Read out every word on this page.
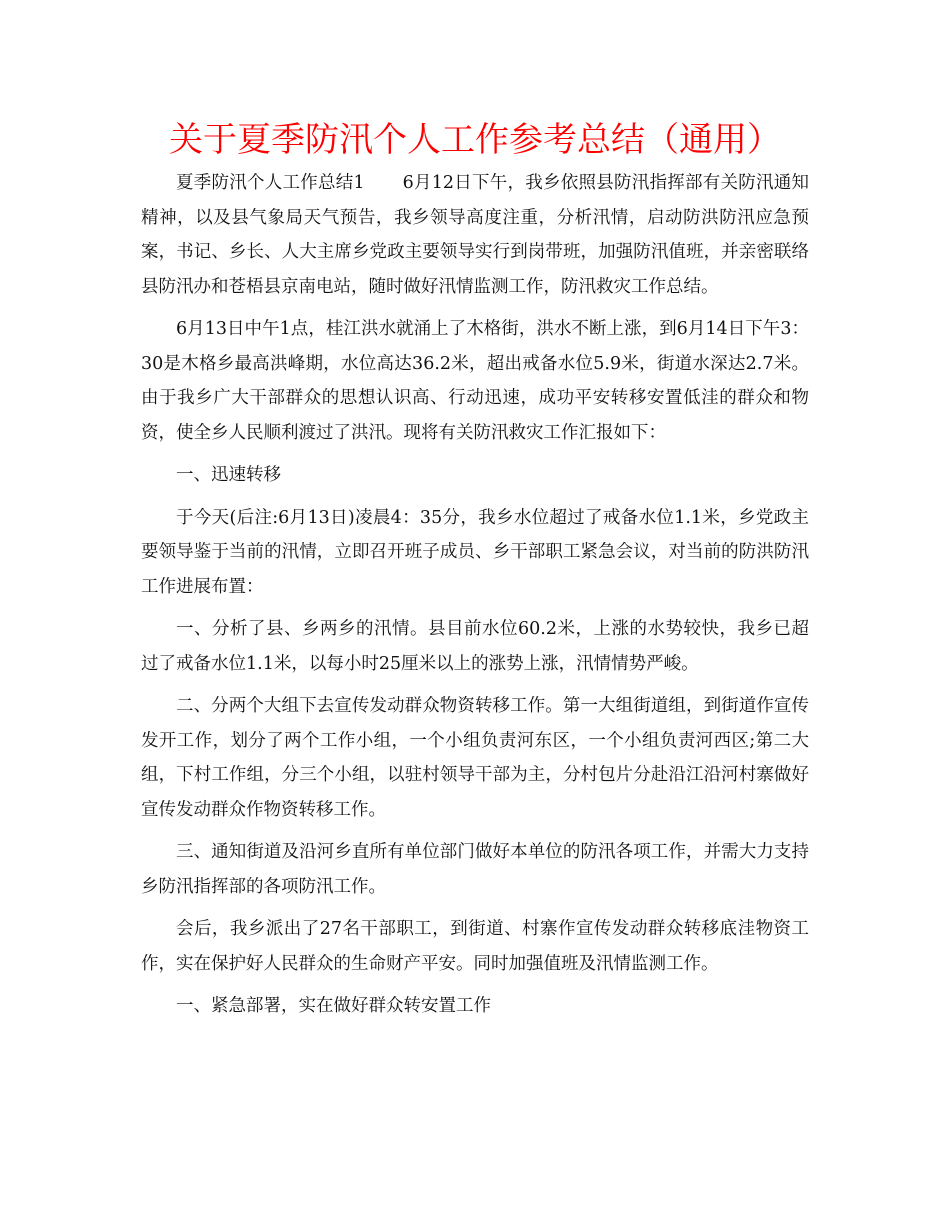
关于夏季防汛个人工作参考总结（通用）

夏季防汛个人工作总结1 6月12日下午，我乡依照县防汛指挥部有关防汛通知精神，以及县气象局天气预告，我乡领导高度注重，分析汛情，启动防洪防汛应急预案，书记、乡长、人大主席乡党政主要领导实行到岗带班，加强防汛值班，并亲密联络县防汛办和苍梧县京南电站，随时做好汛情监测工作，防汛救灾工作总结。

6月13日中午1点，桂江洪水就涌上了木格街，洪水不断上涨，到6月14日下午3：30是木格乡最高洪峰期，水位高达36.2米，超出戒备水位5.9米，街道水深达2.7米。由于我乡广大干部群众的思想认识高、行动迅速，成功平安转移安置低洼的群众和物资，使全乡人民顺利渡过了洪汛。现将有关防汛救灾工作汇报如下：

一、迅速转移

于今天(后注:6月13日)凌晨4：35分，我乡水位超过了戒备水位1.1米，乡党政主要领导鉴于当前的汛情，立即召开班子成员、乡干部职工紧急会议，对当前的防洪防汛工作进展布置：

一、分析了县、乡两乡的汛情。县目前水位60.2米，上涨的水势较快，我乡已超过了戒备水位1.1米，以每小时25厘米以上的涨势上涨，汛情情势严峻。

二、分两个大组下去宣传发动群众物资转移工作。第一大组街道组，到街道作宣传发开工作，划分了两个工作小组，一个小组负责河东区，一个小组负责河西区;第二大组，下村工作组，分三个小组，以驻村领导干部为主，分村包片分赴沿江沿河村寨做好宣传发动群众作物资转移工作。

三、通知街道及沿河乡直所有单位部门做好本单位的防汛各项工作，并需大力支持乡防汛指挥部的各项防汛工作。

会后，我乡派出了27名干部职工，到街道、村寨作宣传发动群众转移底洼物资工作，实在保护好人民群众的生命财产平安。同时加强值班及汛情监测工作。

一、紧急部署，实在做好群众转安置工作
